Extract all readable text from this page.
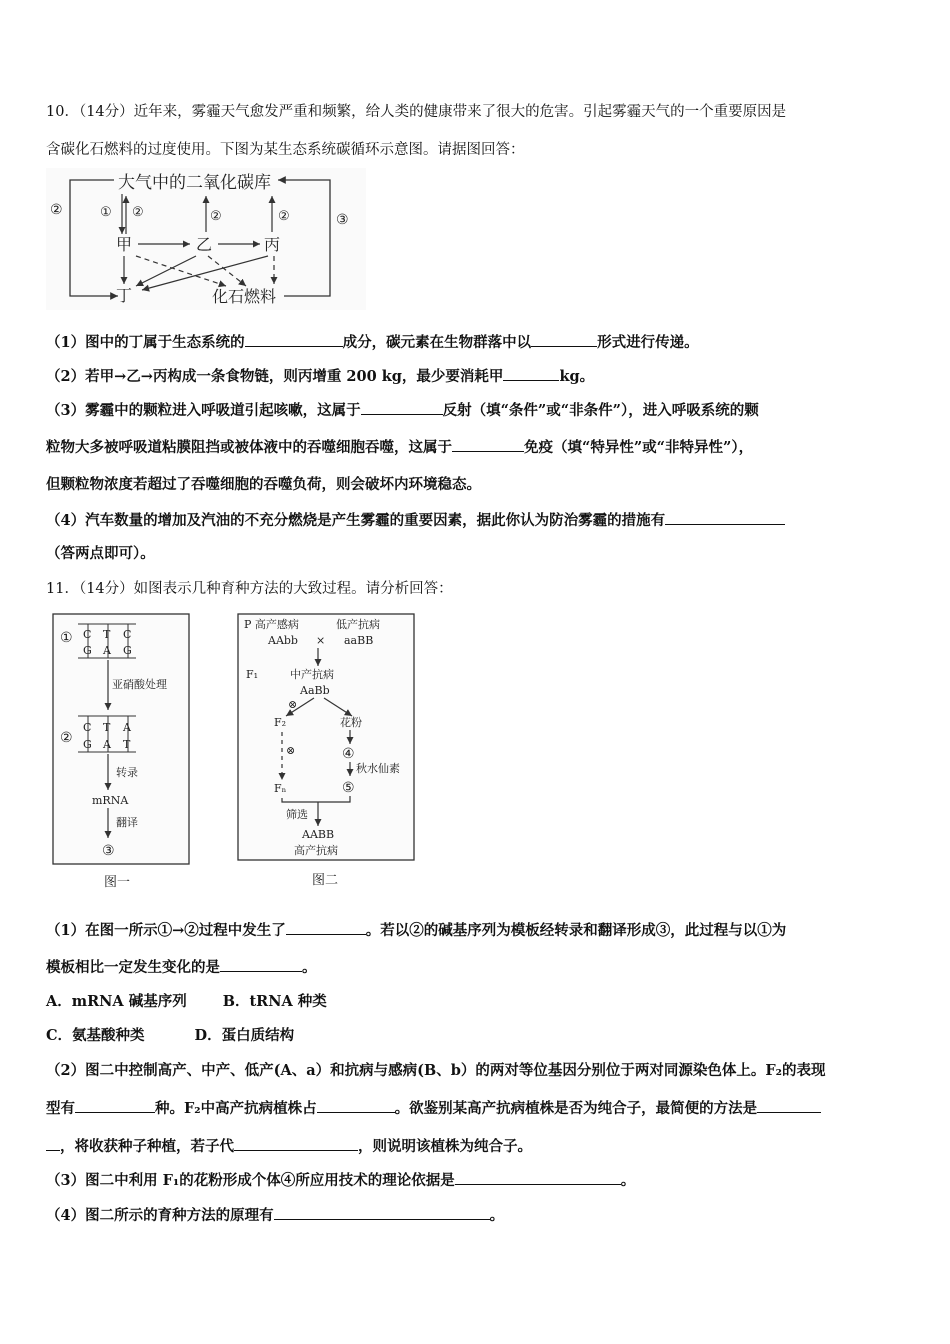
10．（14分）近年来，雾霾天气愈发严重和频繁，给人类的健康带来了很大的危害。引起雾霾天气的一个重要原因是
含碳化石燃料的过度使用。下图为某生态系统碳循环示意图。请据图回答：
大气中的二氧化碳库
②
③
① ②	②	②
甲	乙	丙
丁	化石燃料
（1）图中的丁属于生态系统的	成分，碳元素在生物群落中以	形式进行传递。
（2）若甲→乙→丙构成一条食物链，则丙增重 200 kg，最少要消耗甲	kg。
（3）雾霾中的颗粒进入呼吸道引起咳嗽，这属于	反射（填“条件”或“非条件”），进入呼吸系统的颗
粒物大多被呼吸道粘膜阻挡或被体液中的吞噬细胞吞噬，这属于	免疫（填“特异性”或“非特异性”），
但颗粒物浓度若超过了吞噬细胞的吞噬负荷，则会破坏内环境稳态。
（4）汽车数量的增加及汽油的不充分燃烧是产生雾霾的重要因素，据此你认为防治雾霾的措施有
（答两点即可）。
11．（14分）如图表示几种育种方法的大致过程。请分析回答：
① C T C
G A G
亚硝酸处理
②
C T A
G A T
转录
mRNA
翻译
③
图一
P 高产感病	低产抗病
AAbb × aaBB
F₁	中产抗病
AaBb
⊗
F₂	花粉
⊗	④
秋水仙素
⑤
Fₙ
筛选
AABB
高产抗病
图二
（1）在图一所示①→②过程中发生了	。若以②的碱基序列为模板经转录和翻译形成③，此过程与以①为
模板相比一定发生变化的是	。
A．mRNA 碱基序列 B．tRNA 种类
C．氨基酸种类	D．蛋白质结构
（2）图二中控制高产、中产、低产(A、a）和抗病与感病(B、b）的两对等位基因分别位于两对同源染色体上。F₂的表现
型有	种。F₂中高产抗病植株占	。欲鉴别某高产抗病植株是否为纯合子，最简便的方法是
，将收获种子种植，若子代	，则说明该植株为纯合子。
（3）图二中利用 F₁的花粉形成个体④所应用技术的理论依据是	。
（4）图二所示的育种方法的原理有	。
